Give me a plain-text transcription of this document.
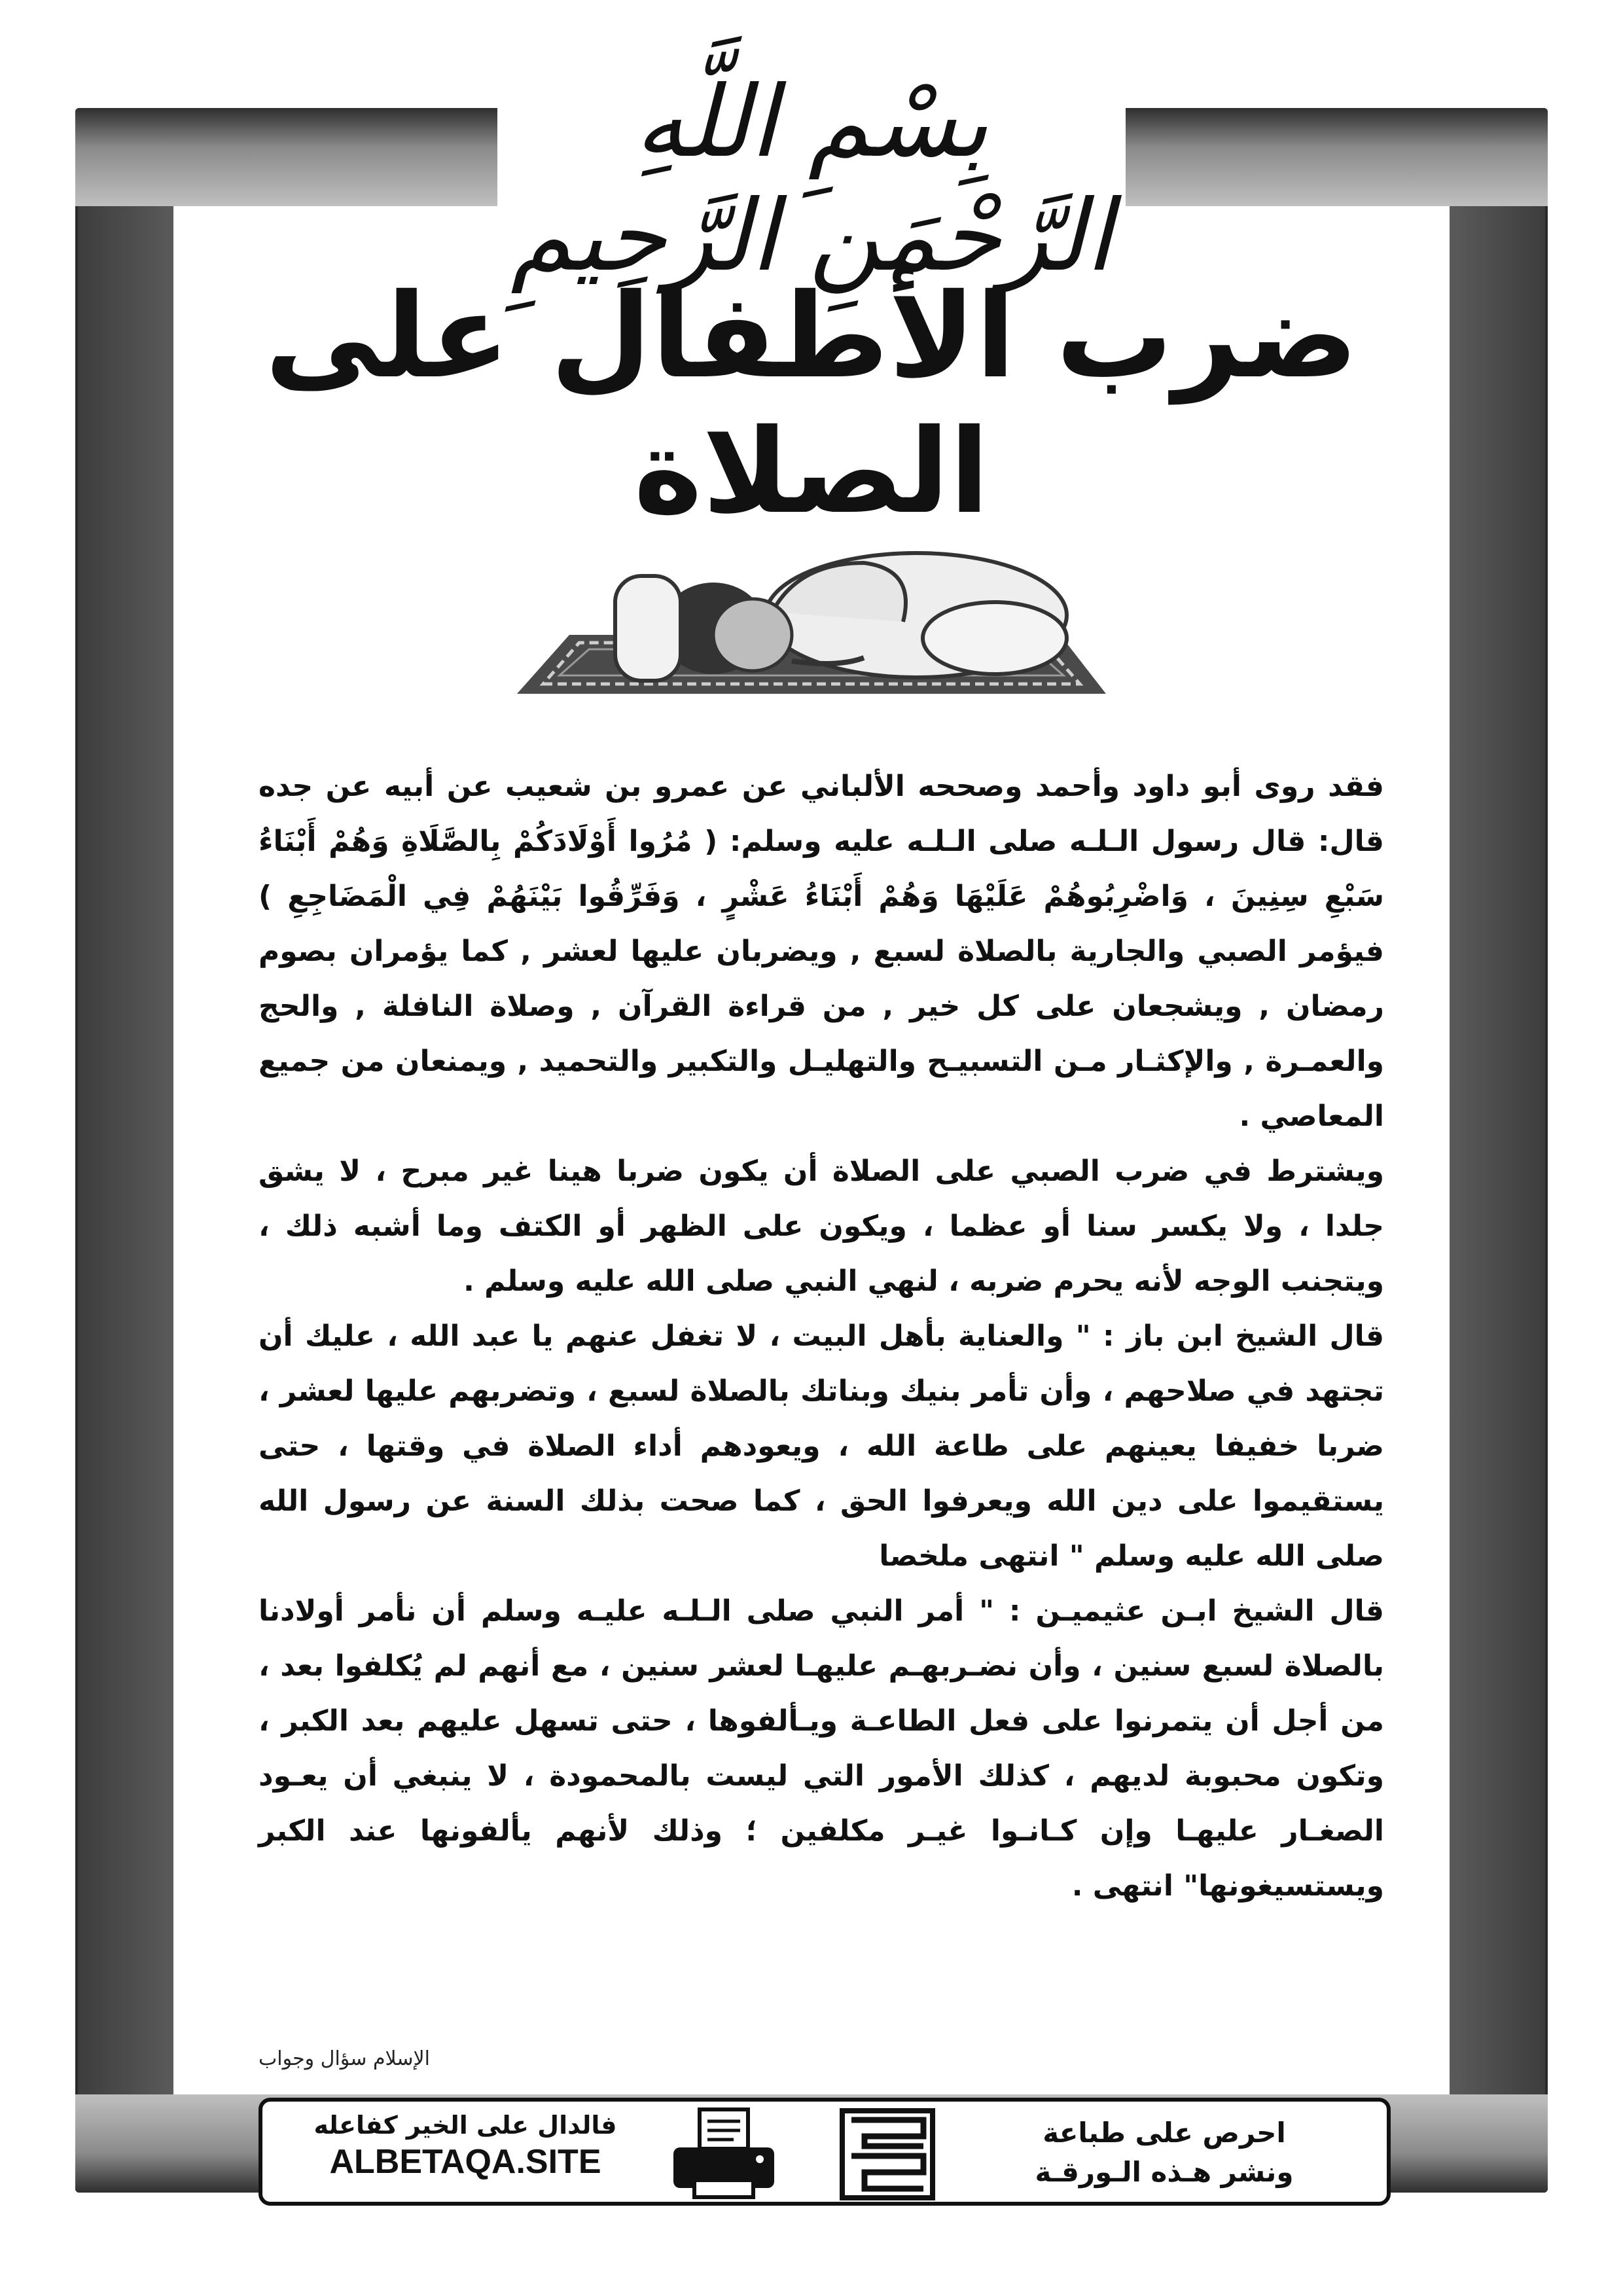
بِسْمِ اللَّهِ الرَّحْمَنِ الرَّحِيمِ
ضرب الأطفال على الصلاة

فقد روى أبو داود وأحمد وصححه الألباني عن عمرو بن شعيب عن أبيه عن جده قال: قال رسول الـلـه صلى الـلـه عليه وسلم: ( مُرُوا أَوْلَادَكُمْ بِالصَّلَاةِ وَهُمْ أَبْنَاءُ سَبْعِ سِنِينَ ، وَاضْرِبُوهُمْ عَلَيْهَا وَهُمْ أَبْنَاءُ عَشْرٍ ، وَفَرِّقُوا بَيْنَهُمْ فِي الْمَضَاجِعِ ) فيؤمر الصبي والجارية بالصلاة لسبع , ويضربان عليها لعشر , كما يؤمران بصوم رمضان , ويشجعان على كل خير , من قراءة القرآن , وصلاة النافلة , والحج والعمـرة , والإكثـار مـن التسبيـح والتهليـل والتكبير والتحميد , ويمنعان من جميع المعاصي .

ويشترط في ضرب الصبي على الصلاة أن يكون ضربا هينا غير مبرح ، لا يشق جلدا ، ولا يكسر سنا أو عظما ، ويكون على الظهر أو الكتف وما أشبه ذلك ، ويتجنب الوجه لأنه يحرم ضربه ، لنهي النبي صلى الله عليه وسلم .

قال الشيخ ابن باز : " والعناية بأهل البيت ، لا تغفل عنهم يا عبد الله ، عليك أن تجتهد في صلاحهم ، وأن تأمر بنيك وبناتك بالصلاة لسبع ، وتضربهم عليها لعشر ، ضربا خفيفا يعينهم على طاعة الله ، ويعودهم أداء الصلاة في وقتها ، حتى يستقيموا على دين الله ويعرفوا الحق ، كما صحت بذلك السنة عن رسول الله صلى الله عليه وسلم " انتهى ملخصا

قال الشيخ ابـن عثيميـن : " أمر النبي صلى الـلـه عليـه وسلم أن نأمر أولادنا بالصلاة لسبع سنين ، وأن نضـربهـم عليهـا لعشر سنين ، مع أنهم لم يُكلفوا بعد ، من أجل أن يتمرنوا على فعل الطاعـة ويـألفوها ، حتى تسهل عليهم بعد الكبر ، وتكون محبوبة لديهم ، كذلك الأمور التي ليست بالمحمودة ، لا ينبغي أن يعـود الصغـار عليهـا وإن كـانـوا غيـر مكلفين ؛ وذلك لأنهم يألفونها عند الكبر ويستسيغونها" انتهى .

الإسلام سؤال وجواب
فالدال على الخير كفاعله
ALBETAQA.SITE
احرص على طباعة
ونشر هـذه الـورقـة
